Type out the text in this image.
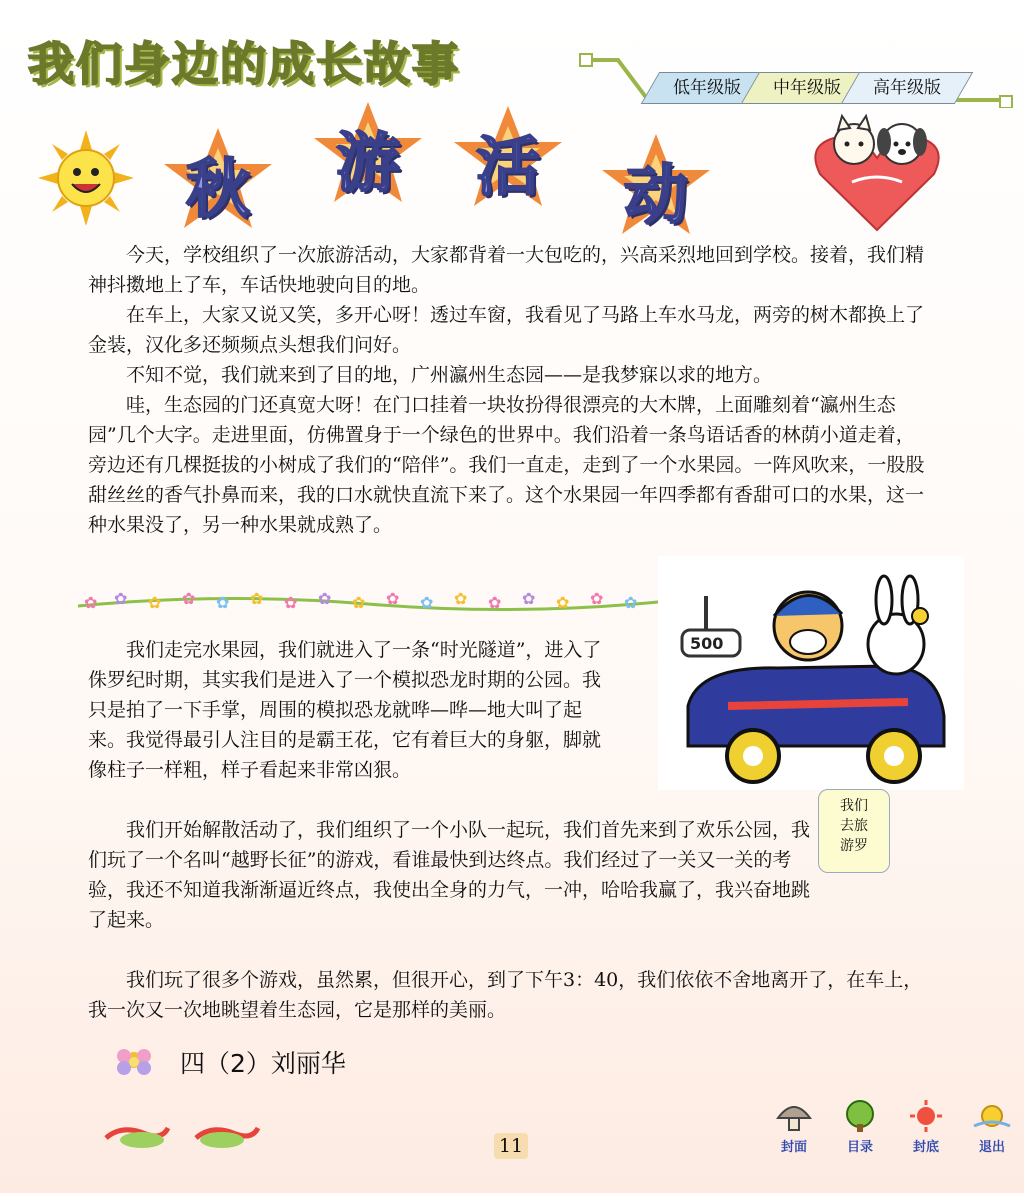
我们身边的成长故事	低年级版	中年级版	高年级版
秋 游 活 动

今天，学校组织了一次旅游活动，大家都背着一大包吃的，兴高采烈地回到学校。接着，我们精神抖擞地上了车，车话快地驶向目的地。

在车上，大家又说又笑，多开心呀！透过车窗，我看见了马路上车水马龙，两旁的树木都换上了金装，汉化多还频频点头想我们问好。

不知不觉，我们就来到了目的地，广州瀛州生态园——是我梦寐以求的地方。

哇，生态园的门还真宽大呀！在门口挂着一块妆扮得很漂亮的大木牌，上面雕刻着“瀛州生态园”几个大字。走进里面，仿佛置身于一个绿色的世界中。我们沿着一条鸟语话香的林荫小道走着，旁边还有几棵挺拔的小树成了我们的“陪伴”。我们一直走，走到了一个水果园。一阵风吹来，一股股甜丝丝的香气扑鼻而来，我的口水就快直流下来了。这个水果园一年四季都有香甜可口的水果，这一种水果没了，另一种水果就成熟了。

✿ ✿ ✿ ✿ ✿ ✿ ✿ ✿ ✿ ✿ ✿ ✿ ✿ ✿ ✿ ✿ ✿
500
我们去旅游罗

我们走完水果园，我们就进入了一条“时光隧道”，进入了侏罗纪时期，其实我们是进入了一个模拟恐龙时期的公园。我只是拍了一下手掌，周围的模拟恐龙就哗—哗—地大叫了起来。我觉得最引人注目的是霸王花，它有着巨大的身躯，脚就像柱子一样粗，样子看起来非常凶狠。

我们开始解散活动了，我们组织了一个小队一起玩，我们首先来到了欢乐公园，我们玩了一个名叫“越野长征”的游戏，看谁最快到达终点。我们经过了一关又一关的考验，我还不知道我渐渐逼近终点，我使出全身的力气，一冲，哈哈我赢了，我兴奋地跳了起来。

我们玩了很多个游戏，虽然累，但很开心，到了下午3：40，我们依依不舍地离开了，在车上，我一次又一次地眺望着生态园，它是那样的美丽。

四（2）刘丽华
11	封面	目录	封底	退出
